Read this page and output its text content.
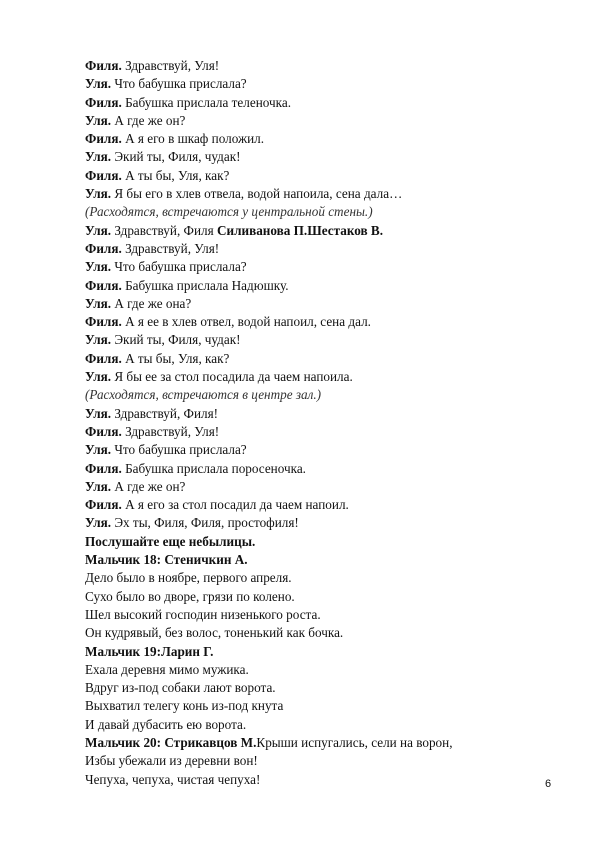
Филя. Здравствуй, Уля!
Уля. Что бабушка прислала?
Филя. Бабушка прислала теленочка.
Уля. А где же он?
Филя. А я его в шкаф положил.
Уля. Экий ты, Филя, чудак!
Филя. А ты бы, Уля, как?
Уля. Я бы его в хлев отвела, водой напоила, сена дала…
(Расходятся, встречаются у центральной стены.)
Уля. Здравствуй, Филя Силиванова П.Шестаков В.
Филя. Здравствуй, Уля!
Уля. Что бабушка прислала?
Филя. Бабушка прислала Надюшку.
Уля. А где же она?
Филя. А я ее в хлев отвел, водой напоил, сена дал.
Уля. Экий ты, Филя, чудак!
Филя. А ты бы, Уля, как?
Уля. Я бы ее за стол посадила да чаем напоила.
(Расходятся, встречаются в центре зал.)
Уля. Здравствуй, Филя!
Филя. Здравствуй, Уля!
Уля. Что бабушка прислала?
Филя. Бабушка прислала поросеночка.
Уля. А где же он?
Филя. А я его за стол посадил да чаем напоил.
Уля. Эх ты, Филя, Филя, простофиля!
Послушайте еще небылицы.
Мальчик 18: Стеничкин А.
Дело было в ноябре, первого апреля.
Сухо было во дворе, грязи по колено.
Шел высокий господин низенького роста.
Он кудрявый, без волос, тоненький как бочка.
Мальчик 19:Ларин Г.
Ехала деревня мимо мужика.
Вдруг из-под собаки лают ворота.
Выхватил телегу конь из-под кнута
И давай дубасить ею ворота.
Мальчик 20: Стрикавцов М.Крыши испугались, сели на ворон,
Избы убежали из деревни вон!
Чепуха, чепуха, чистая чепуха!	6
